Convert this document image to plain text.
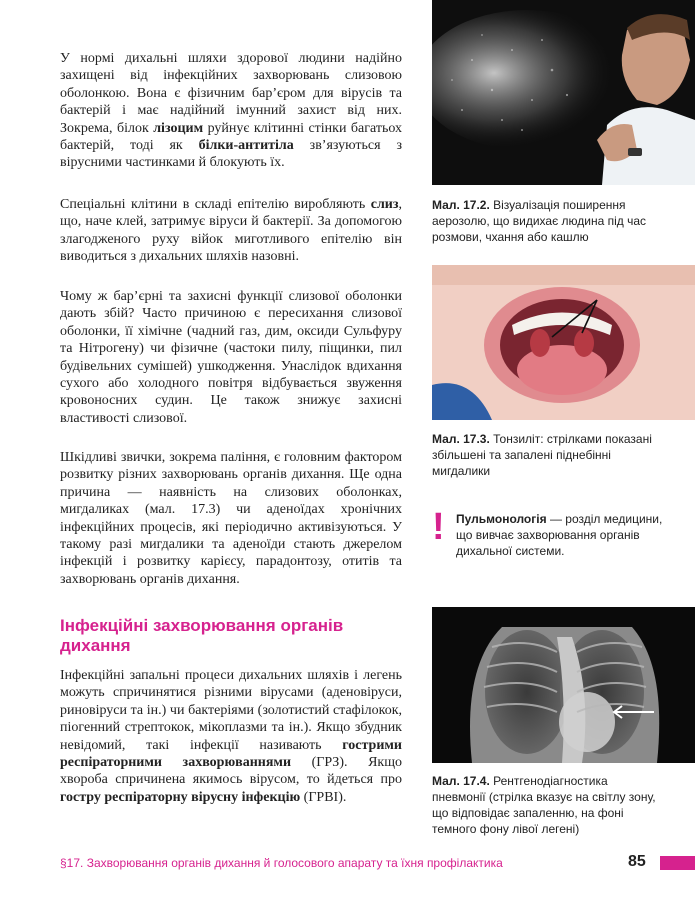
У нормі дихальні шляхи здорової людини надійно захищені від інфекційних захворювань слизовою оболонкою. Вона є фізичним бар’єром для вірусів та бактерій і має надійний імунний захист від них. Зокрема, білок лізоцим руйнує клітинні стінки багатьох бактерій, тоді як білки-антитіла зв’язуються з вірусними частинками й блокують їх.

Спеціальні клітини в складі епітелію виробляють слиз, що, наче клей, затримує віруси й бактерії. За допомогою злагодженого руху війок миготливого епітелію він виводиться з дихальних шляхів назовні.

Чому ж бар’єрні та захисні функції слизової оболонки дають збій? Часто причиною є пересихання слизової оболонки, її хімічне (чадний газ, дим, оксиди Сульфуру та Нітрогену) чи фізичне (частоки пилу, піщинки, пил будівельних сумішей) ушкодження. Унаслідок вдихання сухого або холодного повітря відбувається звуження кровоносних судин. Це також знижує захисні властивості слизової.

Шкідливі звички, зокрема паління, є головним фактором розвитку різних захворювань органів дихання. Ще одна причина — наявність на слизових оболонках, мигдаликах (мал. 17.3) чи аденоїдах хронічних інфекційних процесів, які періодично активізуються. У такому разі мигдалики та аденоїди стають джерелом інфекцій і розвитку карієсу, парадонтозу, отитів та захворювань органів дихання.

Інфекційні захворювання органів дихання

Інфекційні запальні процеси дихальних шляхів і легень можуть спричинятися різними вірусами (аденовіруси, риновіруси та ін.) чи бактеріями (золотистий стафілокок, піогенний стрептокок, мікоплазми та ін.). Якщо збудник невідомий, такі інфекції називають гострими респіраторними захворюваннями (ГРЗ). Якщо хвороба спричинена якимось вірусом, то йдеться про гостру респіраторну вірусну інфекцію (ГРВІ).

Мал. 17.2. Візуалізація поширення аерозолю, що видихає людина під час розмови, чхання або кашлю

Мал. 17.3. Тонзиліт: стрілками показані збільшені та запалені піднебінні мигдалики

! Пульмонологія — розділ медицини, що вивчає захворювання органів дихальної системи.

Мал. 17.4. Рентгенодіагностика пневмонії (стрілка вказує на світлу зону, що відповідає запаленню, на фоні темного фону лівої легені)

§17. Захворювання органів дихання й голосового апарату та їхня профілактика	85
